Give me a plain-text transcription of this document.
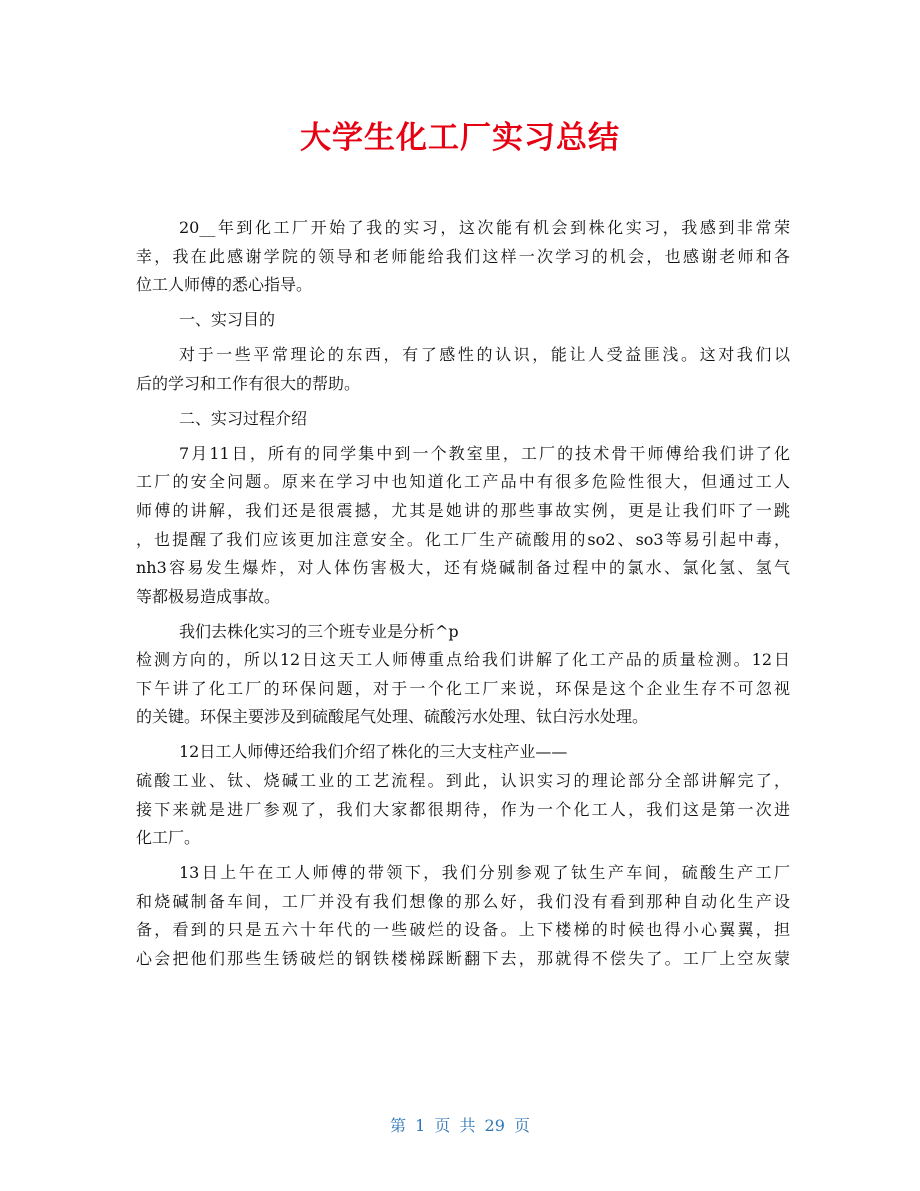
大学生化工厂实习总结
20__年到化工厂开始了我的实习，这次能有机会到株化实习，我感到非常荣
幸，我在此感谢学院的领导和老师能给我们这样一次学习的机会，也感谢老师和各
位工人师傅的悉心指导。
一、实习目的
对于一些平常理论的东西，有了感性的认识，能让人受益匪浅。这对我们以
后的学习和工作有很大的帮助。
二、实习过程介绍
7月11日，所有的同学集中到一个教室里，工厂的技术骨干师傅给我们讲了化
工厂的安全问题。原来在学习中也知道化工产品中有很多危险性很大，但通过工人
师傅的讲解，我们还是很震撼，尤其是她讲的那些事故实例，更是让我们吓了一跳
，也提醒了我们应该更加注意安全。化工厂生产硫酸用的so2、so3等易引起中毒，
nh3容易发生爆炸，对人体伤害极大，还有烧碱制备过程中的氯水、氯化氢、氢气
等都极易造成事故。
我们去株化实习的三个班专业是分析^p
检测方向的，所以12日这天工人师傅重点给我们讲解了化工产品的质量检测。12日
下午讲了化工厂的环保问题，对于一个化工厂来说，环保是这个企业生存不可忽视
的关键。环保主要涉及到硫酸尾气处理、硫酸污水处理、钛白污水处理。
12日工人师傅还给我们介绍了株化的三大支柱产业——
硫酸工业、钛、烧碱工业的工艺流程。到此，认识实习的理论部分全部讲解完了，
接下来就是进厂参观了，我们大家都很期待，作为一个化工人，我们这是第一次进
化工厂。
13日上午在工人师傅的带领下，我们分别参观了钛生产车间，硫酸生产工厂
和烧碱制备车间，工厂并没有我们想像的那么好，我们没有看到那种自动化生产设
备，看到的只是五六十年代的一些破烂的设备。上下楼梯的时候也得小心翼翼，担
心会把他们那些生锈破烂的钢铁楼梯踩断翻下去，那就得不偿失了。工厂上空灰蒙
第 1 页 共 29 页
